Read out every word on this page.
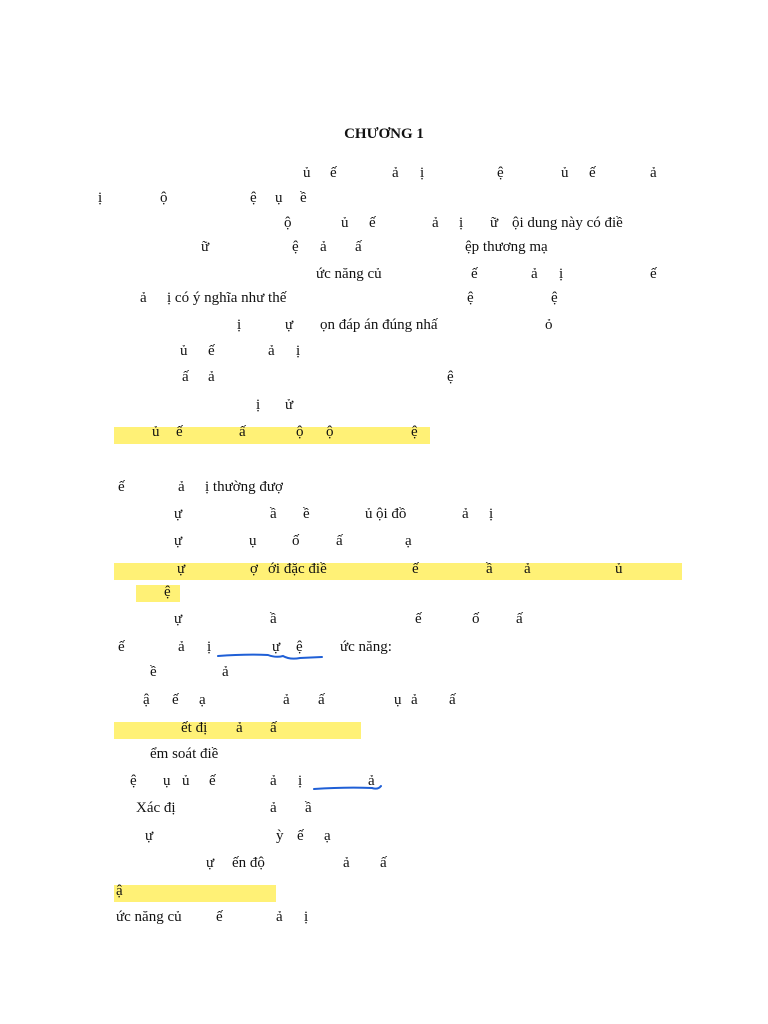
CHƯƠNG 1
ủ ế	ả ị	ệ	ủ ế	ả
ị	ộ	ệ ụ ề
ộ	ủ ế	ả ị ữ ội dung này có điề
ữ	ệ ả ấ	ệp thương mạ
ức năng củ	ế	ả ị	ế
ả ị có ý nghĩa như thế	ệ	ệ
ị	ự ọn đáp án đúng nhấ	ỏ
ủ ế	ả ị
ấ ả	ệ
ị ử
ủ ế	ấ	ộ ộ	ệ
ế	ả ị thường đượ
ự	ầ ề	ủ ội đồ	ả ị
ự	ụ ố ấ	ạ
ự	ợ ới đặc điề	ế	ầ ả	ủ
ệ
ự	ầ	ế	ố ấ
ế	ả ị	ự ệ ức năng:
ề	ả
ậ ế ạ	ả ấ	ụ ả ấ
ết đị ả ấ
ểm soát điề
ệ ụ ủ ế	ả ị	ả
Xác đị	ả ầ
ự	ỳ ế ạ
ự ến độ	ả ấ
ậ
ức năng củ ế	ả ị
